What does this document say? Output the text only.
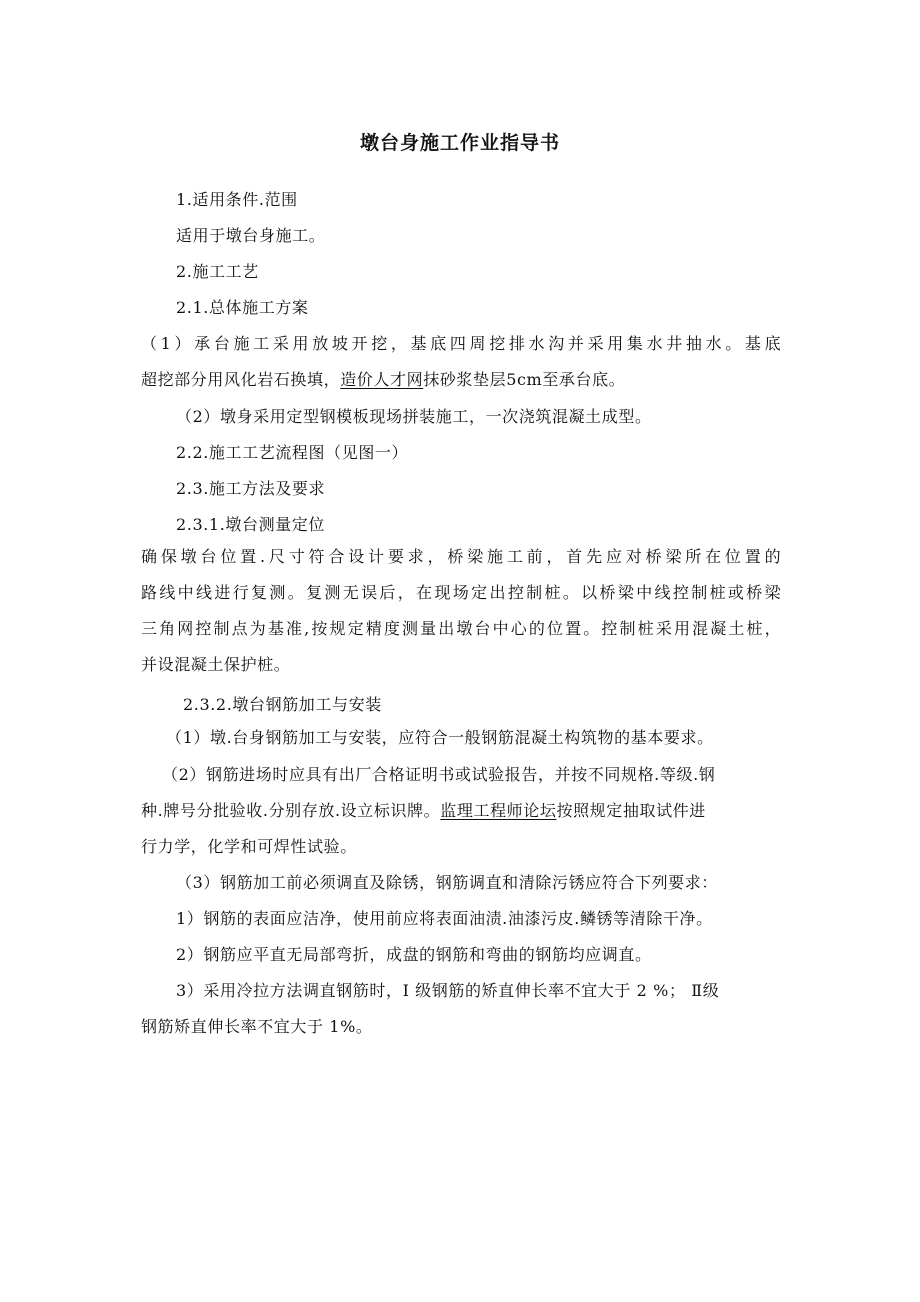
墩台身施工作业指导书
1.适用条件.范围
适用于墩台身施工。
2.施工工艺
2.1.总体施工方案
（1）承台施工采用放坡开挖，基底四周挖排水沟并采用集水井抽水。基底
超挖部分用风化岩石换填，造价人才网抹砂浆垫层5cm至承台底。
（2）墩身采用定型钢模板现场拼装施工，一次浇筑混凝土成型。
2.2.施工工艺流程图（见图一）
2.3.施工方法及要求
2.3.1.墩台测量定位
确保墩台位置.尺寸符合设计要求，桥梁施工前，首先应对桥梁所在位置的
路线中线进行复测。复测无误后，在现场定出控制桩。以桥梁中线控制桩或桥梁
三角网控制点为基准,按规定精度测量出墩台中心的位置。控制桩采用混凝土桩，
并设混凝土保护桩。
2.3.2.墩台钢筋加工与安装
（1）墩.台身钢筋加工与安装，应符合一般钢筋混凝土构筑物的基本要求。
（2）钢筋进场时应具有出厂合格证明书或试验报告，并按不同规格.等级.钢
种.牌号分批验收.分别存放.设立标识牌。监理工程师论坛按照规定抽取试件进
行力学，化学和可焊性试验。
（3）钢筋加工前必须调直及除锈，钢筋调直和清除污锈应符合下列要求：
1）钢筋的表面应洁净，使用前应将表面油渍.油漆污皮.鳞锈等清除干净。
2）钢筋应平直无局部弯折，成盘的钢筋和弯曲的钢筋均应调直。
3）采用冷拉方法调直钢筋时，Ⅰ 级钢筋的矫直伸长率不宜大于 2 %； Ⅱ级
钢筋矫直伸长率不宜大于 1%。
